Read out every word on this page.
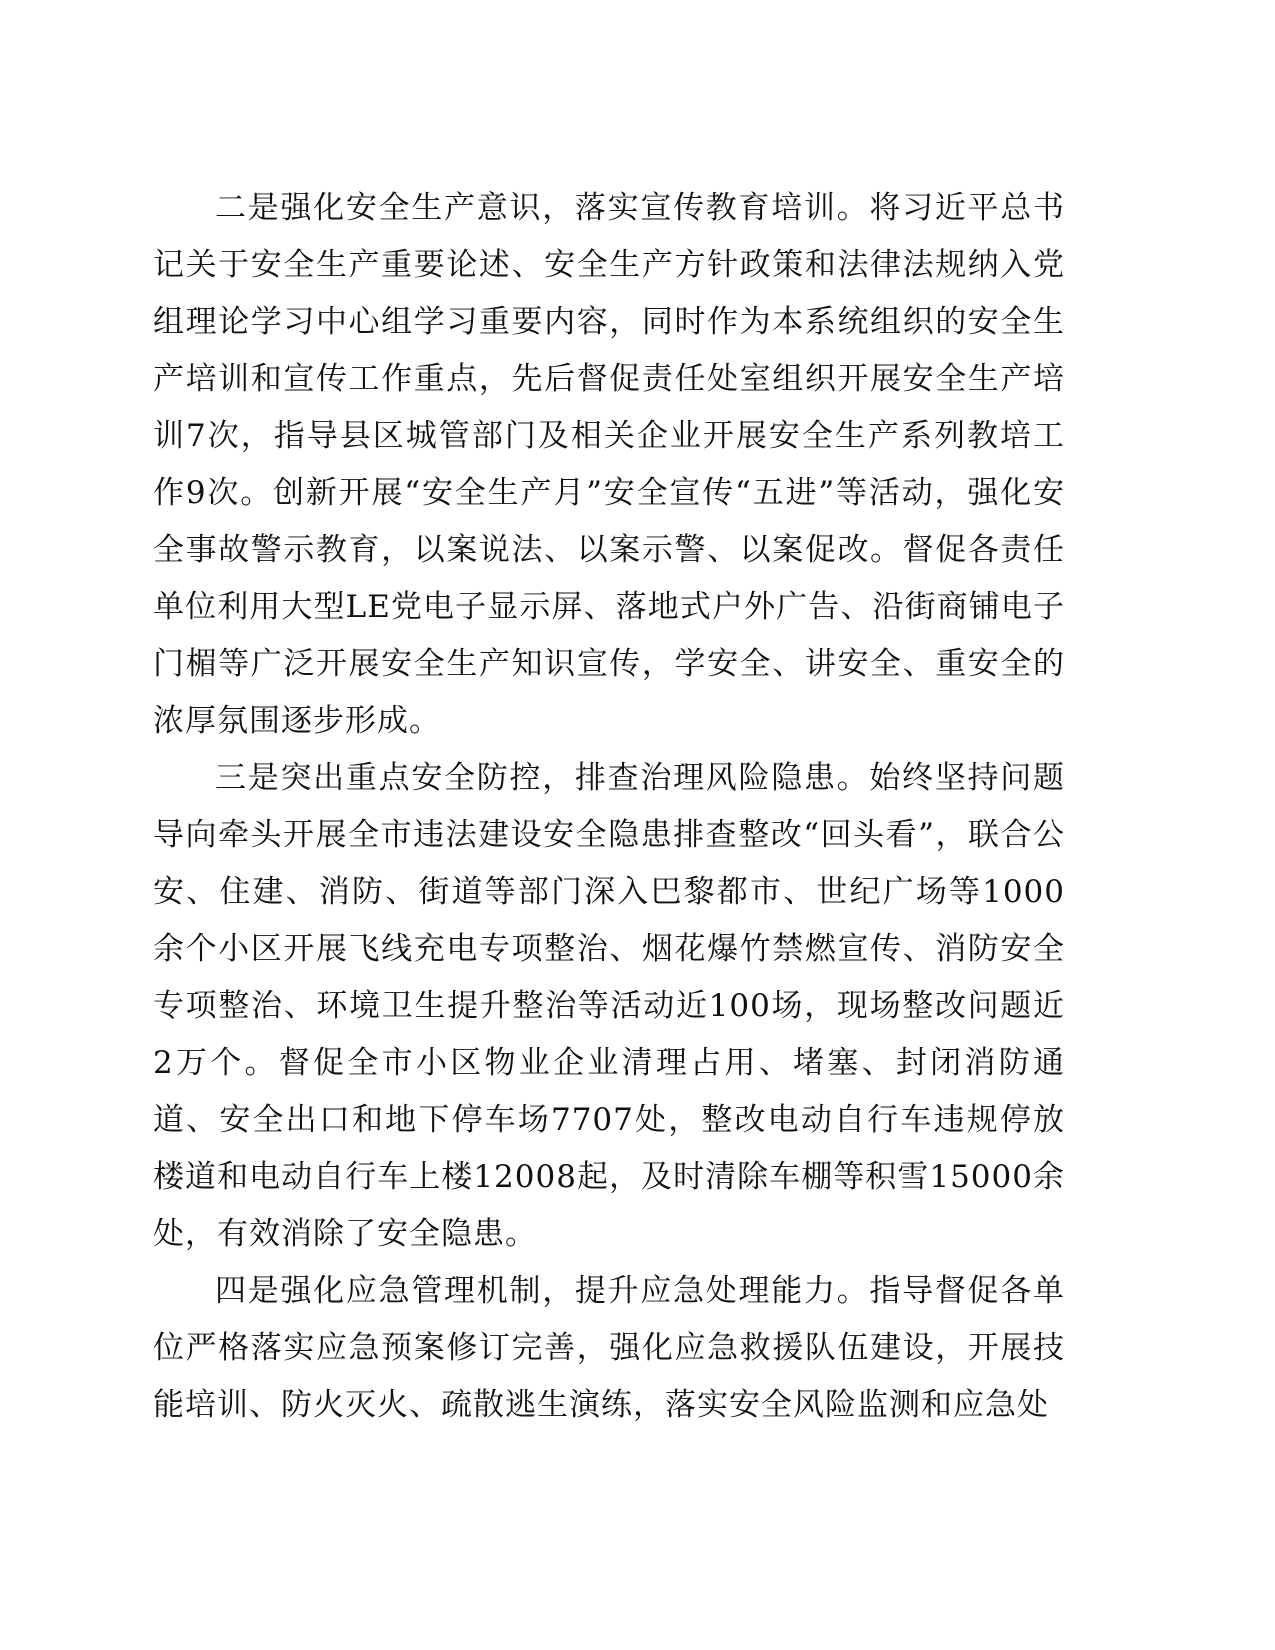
二是强化安全生产意识，落实宣传教育培训。将习近平总书记关于安全生产重要论述、安全生产方针政策和法律法规纳入党组理论学习中心组学习重要内容，同时作为本系统组织的安全生产培训和宣传工作重点，先后督促责任处室组织开展安全生产培训7次，指导县区城管部门及相关企业开展安全生产系列教培工作9次。创新开展“安全生产月”安全宣传“五进”等活动，强化安全事故警示教育，以案说法、以案示警、以案促改。督促各责任单位利用大型LE党电子显示屏、落地式户外广告、沿街商铺电子门楣等广泛开展安全生产知识宣传，学安全、讲安全、重安全的浓厚氛围逐步形成。

三是突出重点安全防控，排查治理风险隐患。始终坚持问题导向牵头开展全市违法建设安全隐患排查整改“回头看”，联合公安、住建、消防、街道等部门深入巴黎都市、世纪广场等1000余个小区开展飞线充电专项整治、烟花爆竹禁燃宣传、消防安全专项整治、环境卫生提升整治等活动近100场，现场整改问题近2万个。督促全市小区物业企业清理占用、堵塞、封闭消防通道、安全出口和地下停车场7707处，整改电动自行车违规停放楼道和电动自行车上楼12008起，及时清除车棚等积雪15000余处，有效消除了安全隐患。

四是强化应急管理机制，提升应急处理能力。指导督促各单位严格落实应急预案修订完善，强化应急救援队伍建设，开展技能培训、防火灭火、疏散逃生演练，落实安全风险监测和应急处
